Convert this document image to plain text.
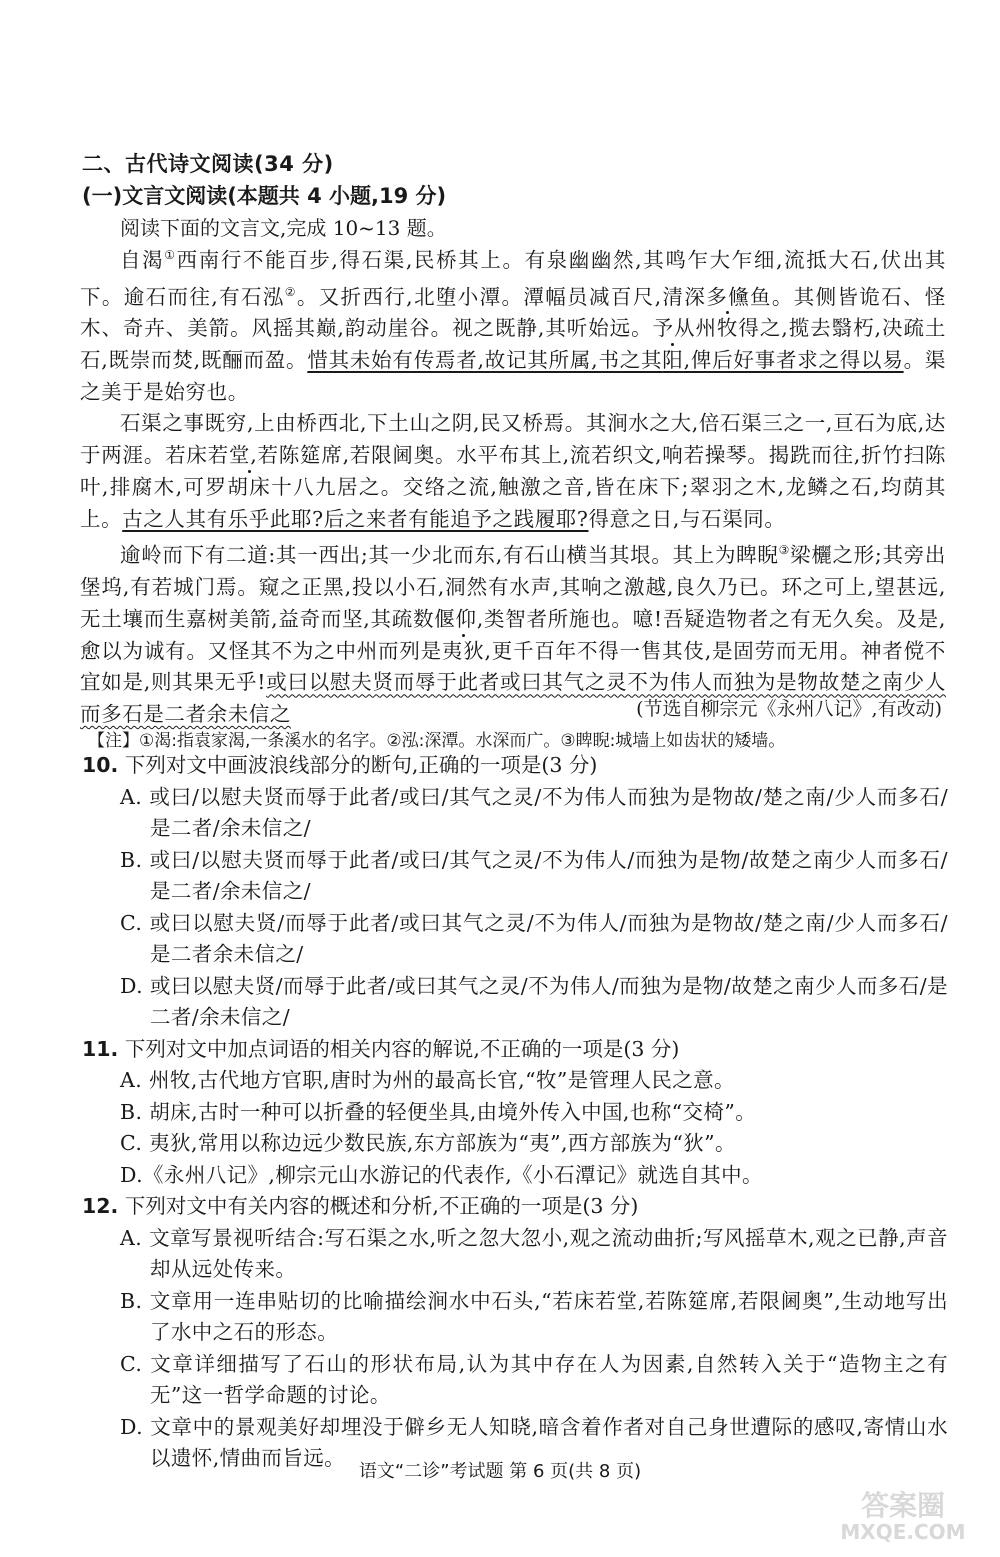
二、古代诗文阅读(34 分)
(一)文言文阅读(本题共 4 小题,19 分)
阅读下面的文言文,完成 10~13 题。

自渴①西南行不能百步,得石渠,民桥其上。有泉幽幽然,其鸣乍大乍细,流抵大石,伏出其下。逾石而往,有石泓②。又折西行,北堕小潭。潭幅员减百尺,清深多儵鱼。其侧皆诡石、怪木、奇卉、美箭。风摇其巅,韵动崖谷。视之既静,其听始远。予从州牧得之,揽去翳朽,决疏土石,既崇而焚,既酾而盈。惜其未始有传焉者,故记其所属,书之其阳,俾后好事者求之得以易。渠之美于是始穷也。

石渠之事既穷,上由桥西北,下土山之阴,民又桥焉。其涧水之大,倍石渠三之一,亘石为底,达于两涯。若床若堂,若陈筵席,若限阃奥。水平布其上,流若织文,响若操琴。揭跣而往,折竹扫陈叶,排腐木,可罗胡床十八九居之。交络之流,触激之音,皆在床下;翠羽之木,龙鳞之石,均荫其上。古之人其有乐乎此耶?后之来者有能追予之践履耶?得意之日,与石渠同。

逾岭而下有二道:其一西出;其一少北而东,有石山横当其垠。其上为睥睨③梁欐之形;其旁出堡坞,有若城门焉。窥之正黑,投以小石,洞然有水声,其响之激越,良久乃已。环之可上,望甚远,无土壤而生嘉树美箭,益奇而坚,其疏数偃仰,类智者所施也。噫!吾疑造物者之有无久矣。及是,愈以为诚有。又怪其不为之中州而列是夷狄,更千百年不得一售其伎,是固劳而无用。神者傥不宜如是,则其果无乎!或曰以慰夫贤而辱于此者或曰其气之灵不为伟人而独为是物故楚之南少人而多石是二者余未信之	(节选自柳宗元《永州八记》,有改动)
【注】①渴:指袁家渴,一条溪水的名字。②泓:深潭。水深而广。③睥睨:城墙上如齿状的矮墙。

10. 下列对文中画波浪线部分的断句,正确的一项是(3 分)

A. 或曰/以慰夫贤而辱于此者/或曰/其气之灵/不为伟人而独为是物故/楚之南/少人而多石/是二者/余未信之/

B. 或曰/以慰夫贤而辱于此者/或曰/其气之灵/不为伟人/而独为是物/故楚之南少人而多石/是二者/余未信之/

C. 或曰以慰夫贤/而辱于此者/或曰其气之灵/不为伟人/而独为是物故/楚之南/少人而多石/是二者余未信之/

D. 或曰以慰夫贤/而辱于此者/或曰其气之灵/不为伟人/而独为是物/故楚之南少人而多石/是二者/余未信之/

11. 下列对文中加点词语的相关内容的解说,不正确的一项是(3 分)

A. 州牧,古代地方官职,唐时为州的最高长官,“牧”是管理人民之意。

B. 胡床,古时一种可以折叠的轻便坐具,由境外传入中国,也称“交椅”。

C. 夷狄,常用以称边远少数民族,东方部族为“夷”,西方部族为“狄”。

D.《永州八记》,柳宗元山水游记的代表作,《小石潭记》就选自其中。

12. 下列对文中有关内容的概述和分析,不正确的一项是(3 分)

A. 文章写景视听结合:写石渠之水,听之忽大忽小,观之流动曲折;写风摇草木,观之已静,声音却从远处传来。

B. 文章用一连串贴切的比喻描绘涧水中石头,“若床若堂,若陈筵席,若限阃奥”,生动地写出了水中之石的形态。

C. 文章详细描写了石山的形状布局,认为其中存在人为因素,自然转入关于“造物主之有无”这一哲学命题的讨论。

D. 文章中的景观美好却埋没于僻乡无人知晓,暗含着作者对自己身世遭际的感叹,寄情山水以遗怀,情曲而旨远。

语文“二诊”考试题 第 6 页(共 8 页)
答案圈
MXQE.COM
